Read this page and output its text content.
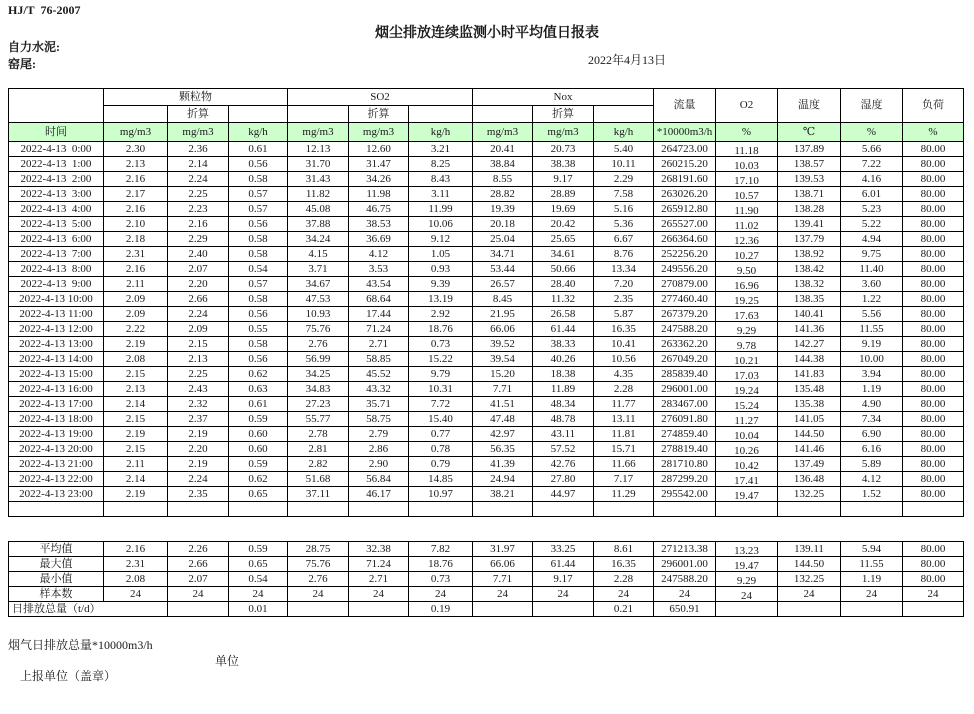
HJ/T  76-2007
烟尘排放连续监测小时平均值日报表
自力水泥:
窑尾:	2022年4月13日
	颗粒物			SO2			Nox			流量	O2	温度	湿度	负荷
		折算			折算			折算						
时间	mg/m3	mg/m3	kg/h	mg/m3	mg/m3	kg/h	mg/m3	mg/m3	kg/h	*10000m3/h	%	℃	%	%
2022-4-13  0:00	2.30	2.36	0.61	12.13	12.60	3.21	20.41	20.73	5.40	264723.00	11.18	137.89	5.66	80.00
2022-4-13  1:00	2.13	2.14	0.56	31.70	31.47	8.25	38.84	38.38	10.11	260215.20	10.03	138.57	7.22	80.00
2022-4-13  2:00	2.16	2.24	0.58	31.43	34.26	8.43	8.55	9.17	2.29	268191.60	17.10	139.53	4.16	80.00
2022-4-13  3:00	2.17	2.25	0.57	11.82	11.98	3.11	28.82	28.89	7.58	263026.20	10.57	138.71	6.01	80.00
2022-4-13  4:00	2.16	2.23	0.57	45.08	46.75	11.99	19.39	19.69	5.16	265912.80	11.90	138.28	5.23	80.00
2022-4-13  5:00	2.10	2.16	0.56	37.88	38.53	10.06	20.18	20.42	5.36	265527.00	11.02	139.41	5.22	80.00
2022-4-13  6:00	2.18	2.29	0.58	34.24	36.69	9.12	25.04	25.65	6.67	266364.60	12.36	137.79	4.94	80.00
2022-4-13  7:00	2.31	2.40	0.58	4.15	4.12	1.05	34.71	34.61	8.76	252256.20	10.27	138.92	9.75	80.00
2022-4-13  8:00	2.16	2.07	0.54	3.71	3.53	0.93	53.44	50.66	13.34	249556.20	9.50	138.42	11.40	80.00
2022-4-13  9:00	2.11	2.20	0.57	34.67	43.54	9.39	26.57	28.40	7.20	270879.00	16.96	138.32	3.60	80.00
2022-4-13 10:00	2.09	2.66	0.58	47.53	68.64	13.19	8.45	11.32	2.35	277460.40	19.25	138.35	1.22	80.00
2022-4-13 11:00	2.09	2.24	0.56	10.93	17.44	2.92	21.95	26.58	5.87	267379.20	17.63	140.41	5.56	80.00
2022-4-13 12:00	2.22	2.09	0.55	75.76	71.24	18.76	66.06	61.44	16.35	247588.20	9.29	141.36	11.55	80.00
2022-4-13 13:00	2.19	2.15	0.58	2.76	2.71	0.73	39.52	38.33	10.41	263362.20	9.78	142.27	9.19	80.00
2022-4-13 14:00	2.08	2.13	0.56	56.99	58.85	15.22	39.54	40.26	10.56	267049.20	10.21	144.38	10.00	80.00
2022-4-13 15:00	2.15	2.25	0.62	34.25	45.52	9.79	15.20	18.38	4.35	285839.40	17.03	141.83	3.94	80.00
2022-4-13 16:00	2.13	2.43	0.63	34.83	43.32	10.31	7.71	11.89	2.28	296001.00	19.24	135.48	1.19	80.00
2022-4-13 17:00	2.14	2.32	0.61	27.23	35.71	7.72	41.51	48.34	11.77	283467.00	15.24	135.38	4.90	80.00
2022-4-13 18:00	2.15	2.37	0.59	55.77	58.75	15.40	47.48	48.78	13.11	276091.80	11.27	141.05	7.34	80.00
2022-4-13 19:00	2.19	2.19	0.60	2.78	2.79	0.77	42.97	43.11	11.81	274859.40	10.04	144.50	6.90	80.00
2022-4-13 20:00	2.15	2.20	0.60	2.81	2.86	0.78	56.35	57.52	15.71	278819.40	10.26	141.46	6.16	80.00
2022-4-13 21:00	2.11	2.19	0.59	2.82	2.90	0.79	41.39	42.76	11.66	281710.80	10.42	137.49	5.89	80.00
2022-4-13 22:00	2.14	2.24	0.62	51.68	56.84	14.85	24.94	27.80	7.17	287299.20	17.41	136.48	4.12	80.00
2022-4-13 23:00	2.19	2.35	0.65	37.11	46.17	10.97	38.21	44.97	11.29	295542.00	19.47	132.25	1.52	80.00

平均值	2.16	2.26	0.59	28.75	32.38	7.82	31.97	33.25	8.61	271213.38	13.23	139.11	5.94	80.00
最大值	2.31	2.66	0.65	75.76	71.24	18.76	66.06	61.44	16.35	296001.00	19.47	144.50	11.55	80.00
最小值	2.08	2.07	0.54	2.76	2.71	0.73	7.71	9.17	2.28	247588.20	9.29	132.25	1.19	80.00
样本数	24	24	24	24	24	24	24	24	24	24	24	24	24	24
日排放总量（t/d）			0.01			0.19			0.21	650.91				
烟气日排放总量*10000m3/h

上报单位（盖章）

单位
